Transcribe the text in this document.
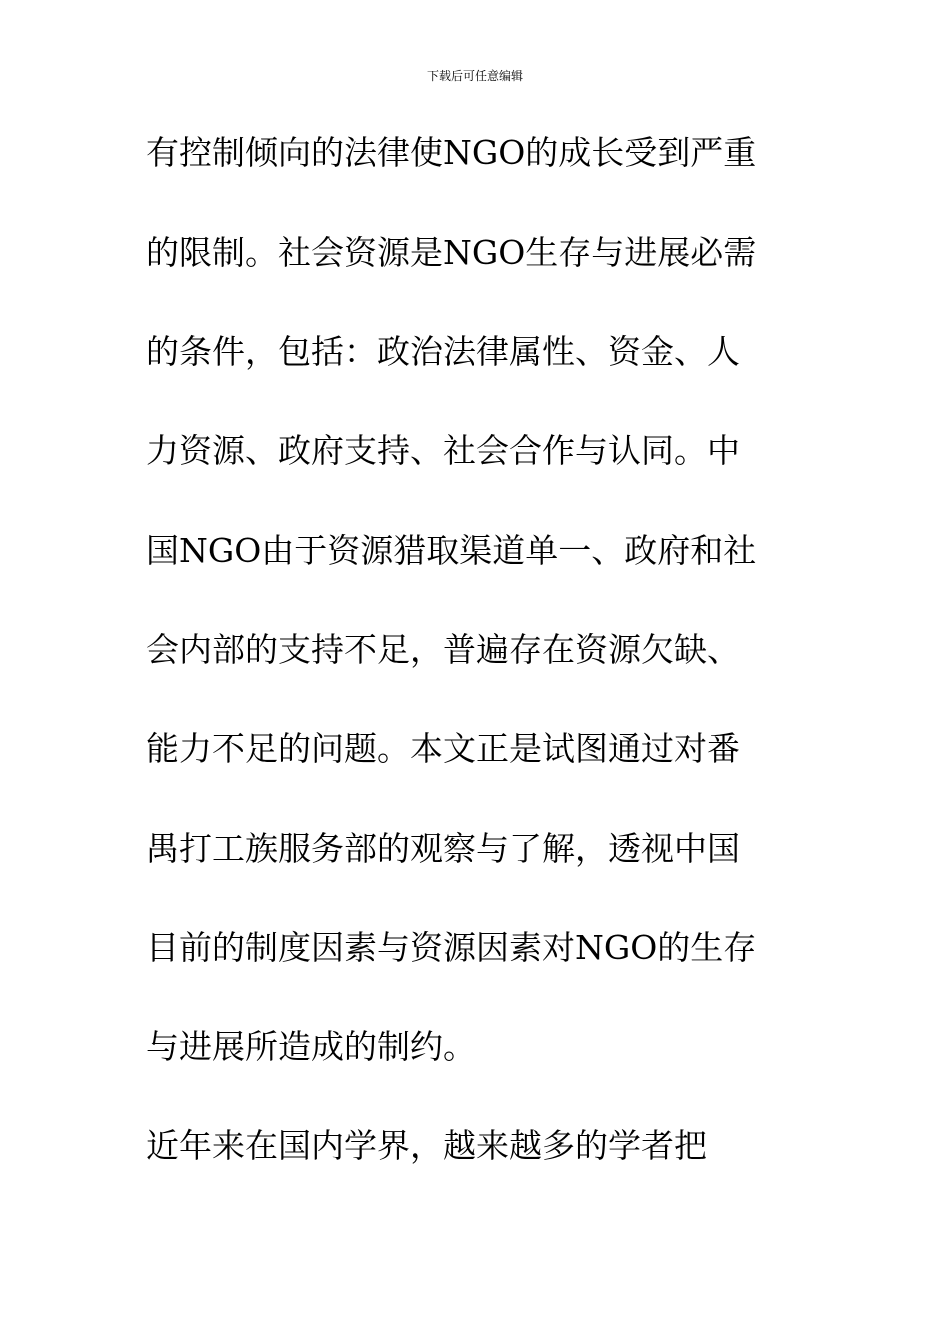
下载后可任意编辑
有控制倾向的法律使NGO的成长受到严重
的限制。社会资源是NGO生存与进展必需
的条件，包括：政治法律属性、资金、人
力资源、政府支持、社会合作与认同。中
国NGO由于资源猎取渠道单一、政府和社
会内部的支持不足，普遍存在资源欠缺、
能力不足的问题。本文正是试图通过对番
禺打工族服务部的观察与了解，透视中国
目前的制度因素与资源因素对NGO的生存
与进展所造成的制约。
近年来在国内学界，越来越多的学者把
